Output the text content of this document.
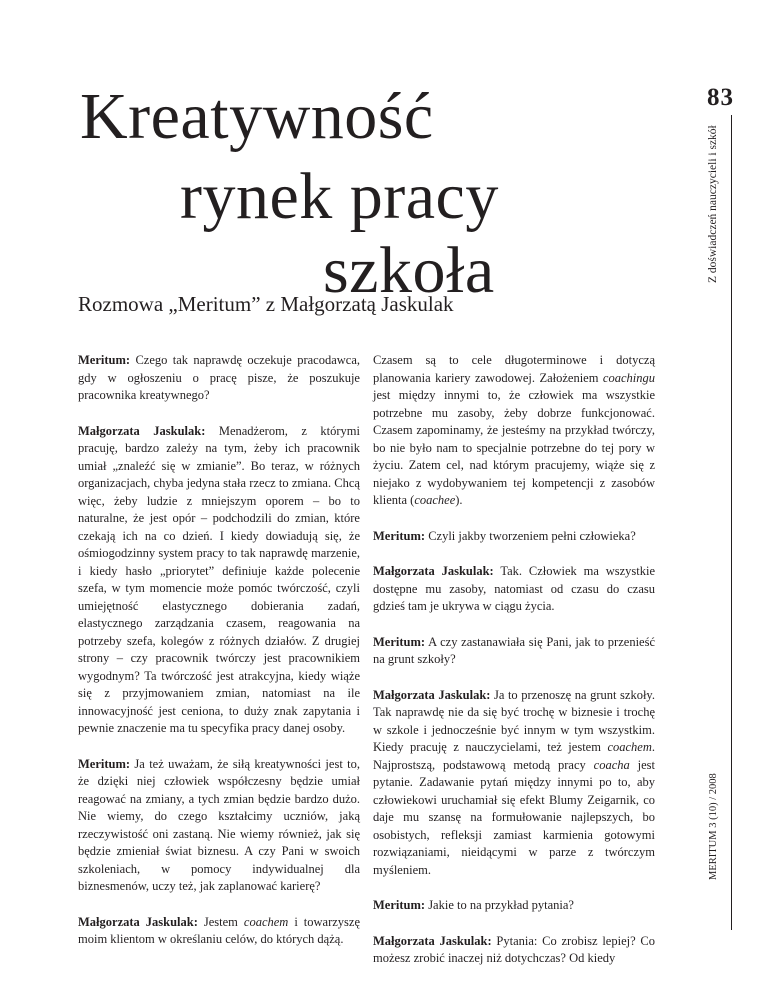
Kreatywność
rynek pracy
szkoła

Rozmowa „Meritum” z Małgorzatą Jaskulak

83
Z doświadczeń nauczycieli i szkół
MERITUM 3 (10) / 2008

Meritum: Czego tak naprawdę oczekuje pracodawca, gdy w ogłoszeniu o pracę pisze, że poszukuje pracownika kreatywnego?

Małgorzata Jaskulak: Menadżerom, z którymi pracuję, bardzo zależy na tym, żeby ich pracownik umiał „znaleźć się w zmianie”. Bo teraz, w różnych organizacjach, chyba jedyna stała rzecz to zmiana. Chcą więc, żeby ludzie z mniejszym oporem – bo to naturalne, że jest opór – podchodzili do zmian, które czekają ich na co dzień. I kiedy dowiadują się, że ośmiogodzinny system pracy to tak naprawdę marzenie, i kiedy hasło „priorytet” definiuje każde polecenie szefa, w tym momencie może pomóc twórczość, czyli umiejętność elastycznego dobierania zadań, elastycznego zarządzania czasem, reagowania na potrzeby szefa, kolegów z różnych działów. Z drugiej strony – czy pracownik twórczy jest pracownikiem wygodnym? Ta twórczość jest atrakcyjna, kiedy wiąże się z przyjmowaniem zmian, natomiast na ile innowacyjność jest ceniona, to duży znak zapytania i pewnie znaczenie ma tu specyfika pracy danej osoby.

Meritum: Ja też uważam, że siłą kreatywności jest to, że dzięki niej człowiek współczesny będzie umiał reagować na zmiany, a tych zmian będzie bardzo dużo. Nie wiemy, do czego kształcimy uczniów, jaką rzeczywistość oni zastaną. Nie wiemy również, jak się będzie zmieniał świat biznesu. A czy Pani w swoich szkoleniach, w pomocy indywidualnej dla biznesmenów, uczy też, jak zaplanować karierę?

Małgorzata Jaskulak: Jestem coachem i towarzyszę moim klientom w określaniu celów, do których dążą.

Czasem są to cele długoterminowe i dotyczą planowania kariery zawodowej. Założeniem coachingu jest między innymi to, że człowiek ma wszystkie potrzebne mu zasoby, żeby dobrze funkcjonować. Czasem zapominamy, że jesteśmy na przykład twórczy, bo nie było nam to specjalnie potrzebne do tej pory w życiu. Zatem cel, nad którym pracujemy, wiąże się z niejako z wydobywaniem tej kompetencji z zasobów klienta (coachee).

Meritum: Czyli jakby tworzeniem pełni człowieka?

Małgorzata Jaskulak: Tak. Człowiek ma wszystkie dostępne mu zasoby, natomiast od czasu do czasu gdzieś tam je ukrywa w ciągu życia.

Meritum: A czy zastanawiała się Pani, jak to przenieść na grunt szkoły?

Małgorzata Jaskulak: Ja to przenoszę na grunt szkoły. Tak naprawdę nie da się być trochę w biznesie i trochę w szkole i jednocześnie być innym w tym wszystkim. Kiedy pracuję z nauczycielami, też jestem coachem. Najprostszą, podstawową metodą pracy coacha jest pytanie. Zadawanie pytań między innymi po to, aby człowiekowi uruchamiał się efekt Blumy Zeigarnik, co daje mu szansę na formułowanie najlepszych, bo osobistych, refleksji zamiast karmienia gotowymi rozwiązaniami, nieidącymi w parze z twórczym myśleniem.

Meritum: Jakie to na przykład pytania?

Małgorzata Jaskulak: Pytania: Co zrobisz lepiej? Co możesz zrobić inaczej niż dotychczas? Od kiedy
